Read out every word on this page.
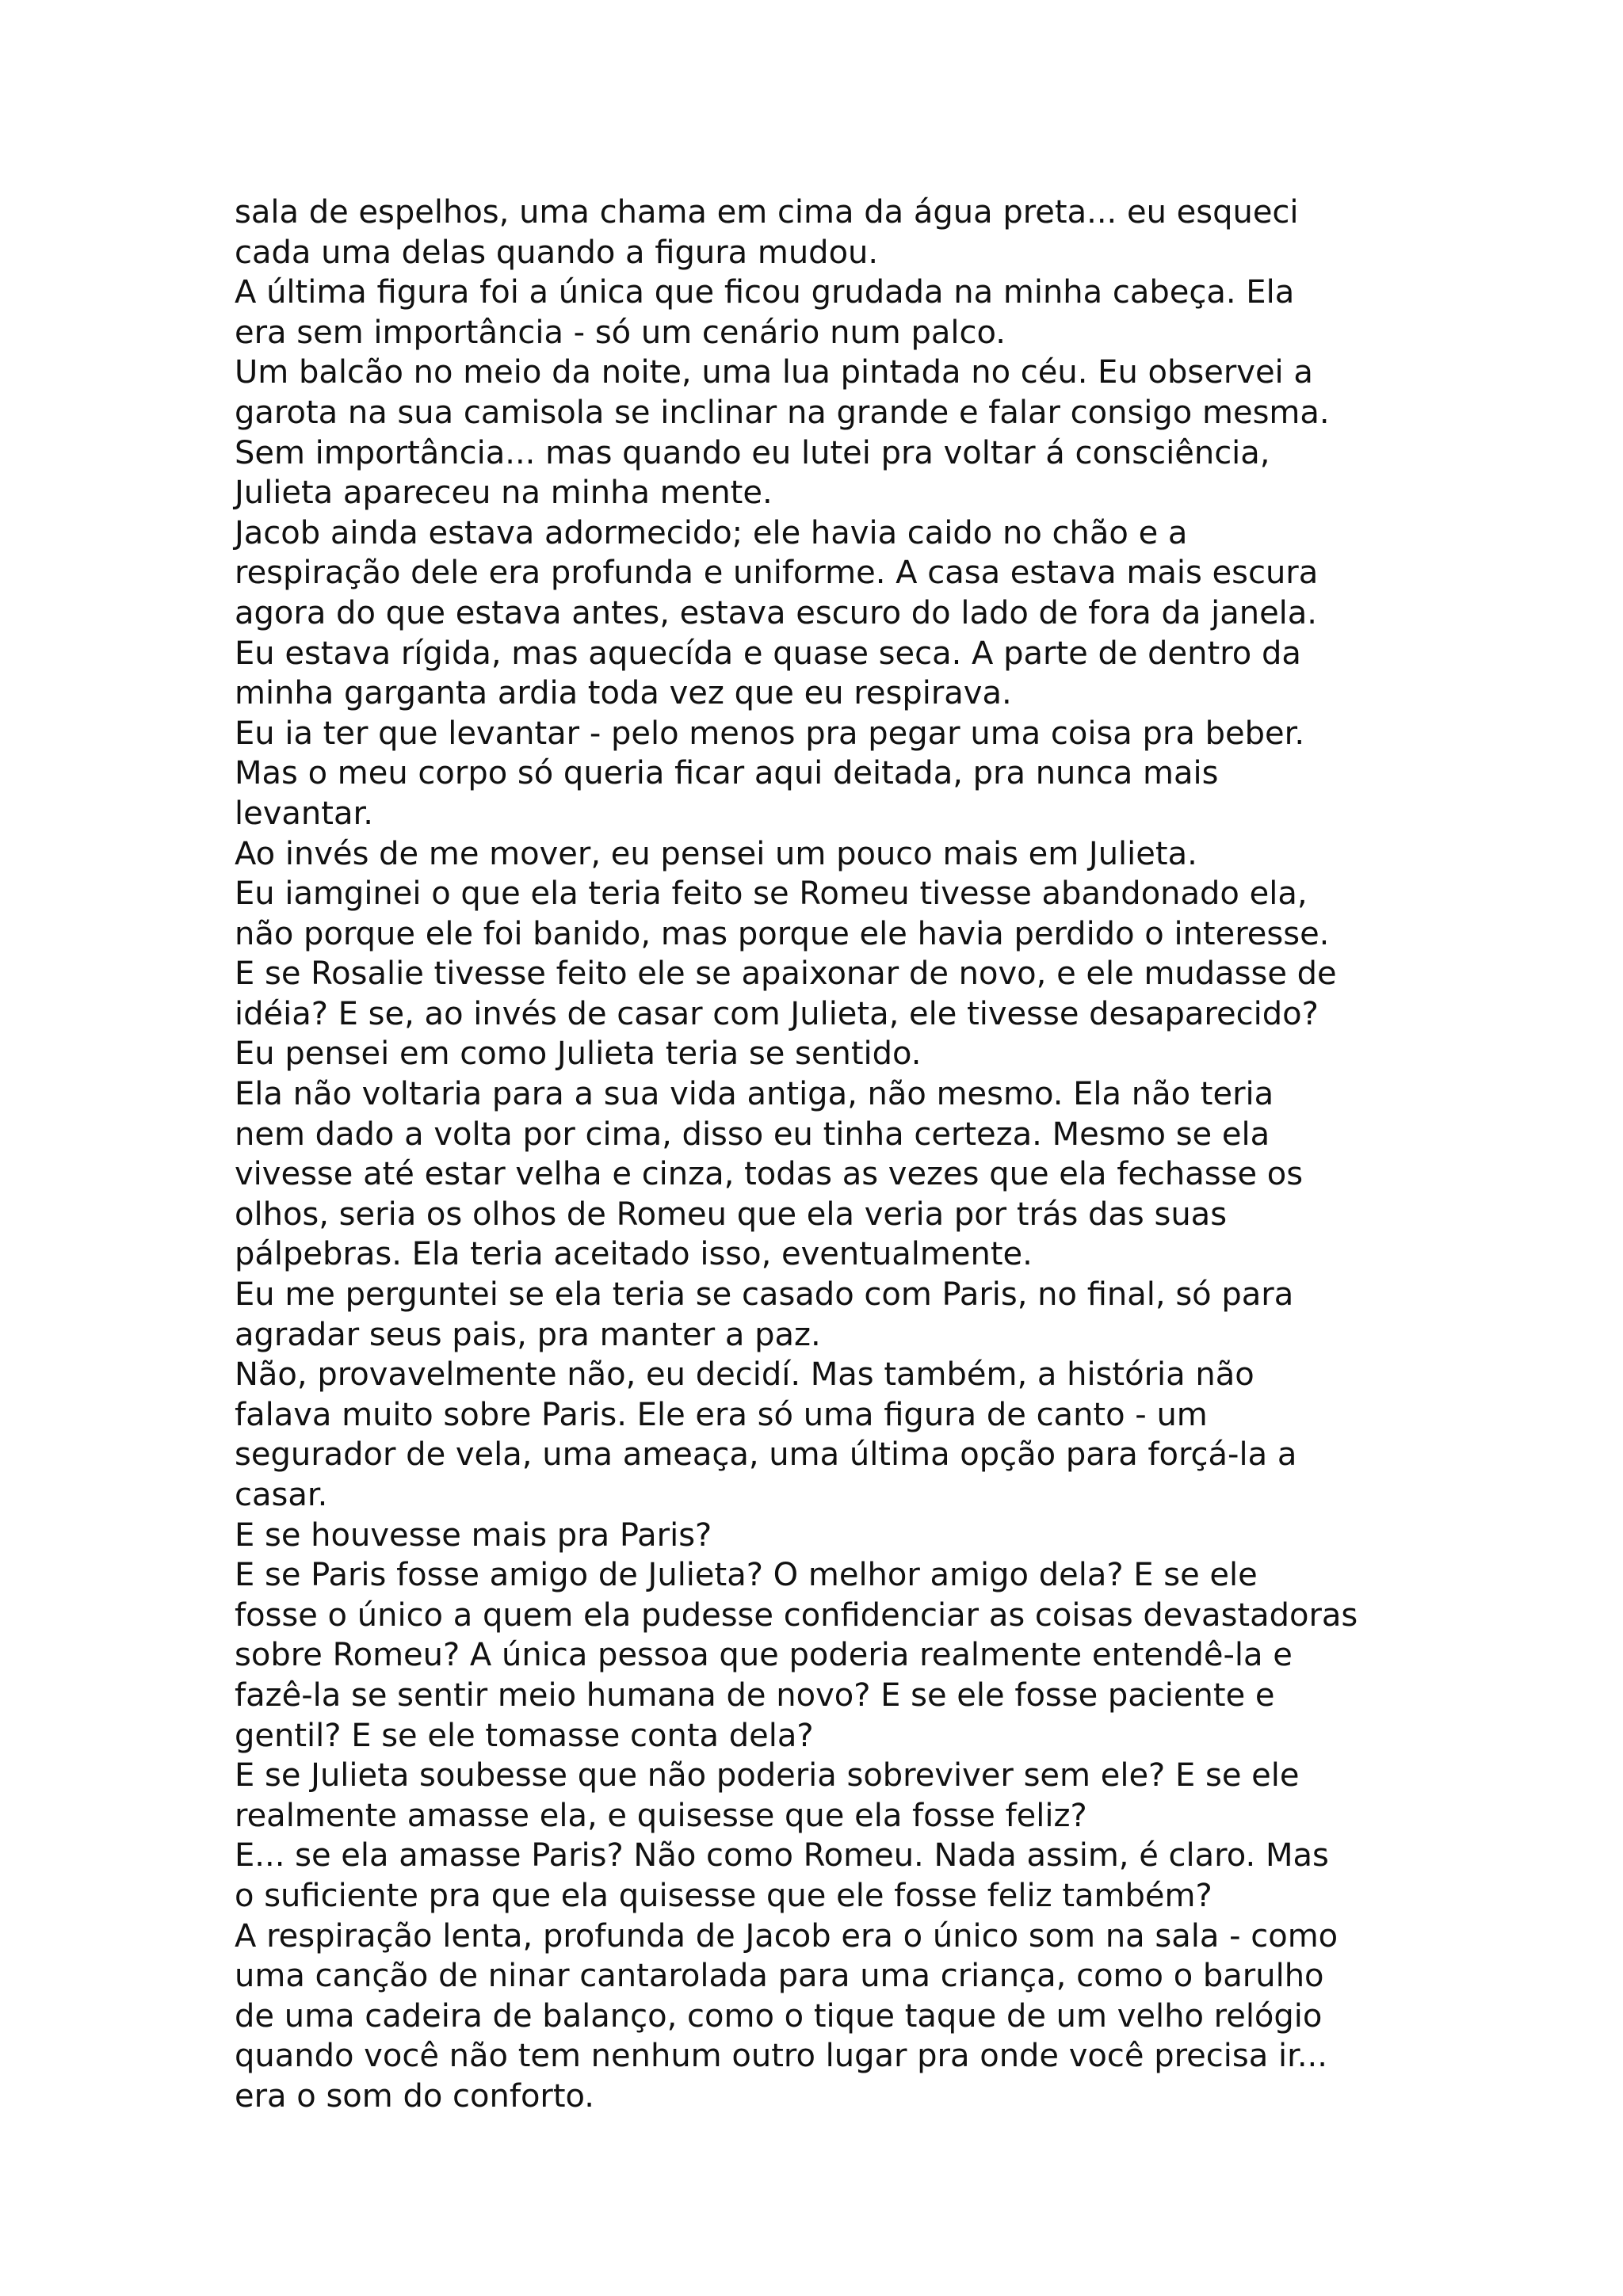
sala de espelhos, uma chama em cima da água preta... eu esqueci
cada uma delas quando a figura mudou.

A última figura foi a única que ficou grudada na minha cabeça. Ela
era sem importância - só um cenário num palco.

Um balcão no meio da noite, uma lua pintada no céu. Eu observei a
garota na sua camisola se inclinar na grande e falar consigo mesma.

Sem importância... mas quando eu lutei pra voltar á consciência,
Julieta apareceu na minha mente.

Jacob ainda estava adormecido; ele havia caido no chão e a
respiração dele era profunda e uniforme. A casa estava mais escura
agora do que estava antes, estava escuro do lado de fora da janela.

Eu estava rígida, mas aquecída e quase seca. A parte de dentro da
minha garganta ardia toda vez que eu respirava.

Eu ia ter que levantar - pelo menos pra pegar uma coisa pra beber.
Mas o meu corpo só queria ficar aqui deitada, pra nunca mais
levantar.

Ao invés de me mover, eu pensei um pouco mais em Julieta.

Eu iamginei o que ela teria feito se Romeu tivesse abandonado ela,
não porque ele foi banido, mas porque ele havia perdido o interesse.
E se Rosalie tivesse feito ele se apaixonar de novo, e ele mudasse de
idéia? E se, ao invés de casar com Julieta, ele tivesse desaparecido?

Eu pensei em como Julieta teria se sentido.

Ela não voltaria para a sua vida antiga, não mesmo. Ela não teria
nem dado a volta por cima, disso eu tinha certeza. Mesmo se ela
vivesse até estar velha e cinza, todas as vezes que ela fechasse os
olhos, seria os olhos de Romeu que ela veria por trás das suas
pálpebras. Ela teria aceitado isso, eventualmente.

Eu me perguntei se ela teria se casado com Paris, no final, só para
agradar seus pais, pra manter a paz.

Não, provavelmente não, eu decidí. Mas também, a história não
falava muito sobre Paris. Ele era só uma figura de canto - um
segurador de vela, uma ameaça, uma última opção para forçá-la a
casar.

E se houvesse mais pra Paris?

E se Paris fosse amigo de Julieta? O melhor amigo dela? E se ele
fosse o único a quem ela pudesse confidenciar as coisas devastadoras
sobre Romeu? A única pessoa que poderia realmente entendê-la e
fazê-la se sentir meio humana de novo? E se ele fosse paciente e
gentil? E se ele tomasse conta dela?

E se Julieta soubesse que não poderia sobreviver sem ele? E se ele
realmente amasse ela, e quisesse que ela fosse feliz?

E... se ela amasse Paris? Não como Romeu. Nada assim, é claro. Mas
o suficiente pra que ela quisesse que ele fosse feliz também?

A respiração lenta, profunda de Jacob era o único som na sala - como
uma canção de ninar cantarolada para uma criança, como o barulho
de uma cadeira de balanço, como o tique taque de um velho relógio
quando você não tem nenhum outro lugar pra onde você precisa ir...
era o som do conforto.
